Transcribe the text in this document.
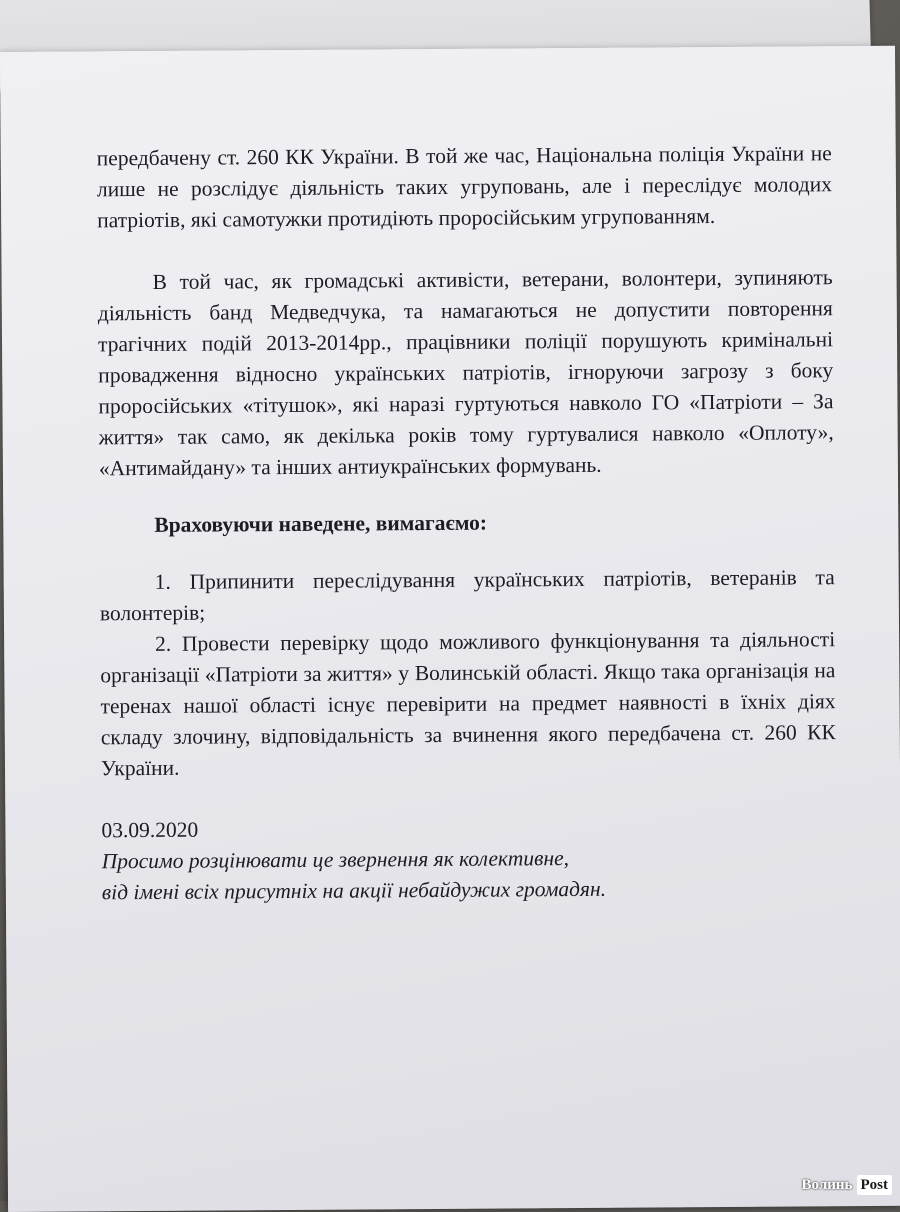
передбачену ст. 260 КК України. В той же час, Національна поліція України не лише не розслідує діяльність таких угруповань, але і переслідує молодих патріотів, які самотужки протидіють проросійським угрупованням.

В той час, як громадські активісти, ветерани, волонтери, зупиняють діяльність банд Медведчука, та намагаються не допустити повторення трагічних подій 2013-2014рр., працівники поліції порушують кримінальні провадження відносно українських патріотів, ігноруючи загрозу з боку проросійських «тітушок», які наразі гуртуються навколо ГО «Патріоти – За життя» так само, як декілька років тому гуртувалися навколо «Оплоту», «Антимайдану» та інших антиукраїнських формувань.

Враховуючи наведене, вимагаємо:

1. Припинити переслідування українських патріотів, ветеранів та волонтерів;

2. Провести перевірку щодо можливого функціонування та діяльності організації «Патріоти за життя» у Волинській області. Якщо така організація на теренах нашої області існує перевірити на предмет наявності в їхніх діях складу злочину, відповідальність за вчинення якого передбачена ст. 260 КК України.

03.09.2020

Просимо розцінювати це звернення як колективне,

від імені всіх присутніх на акції небайдужих громадян.

Волинь Post
